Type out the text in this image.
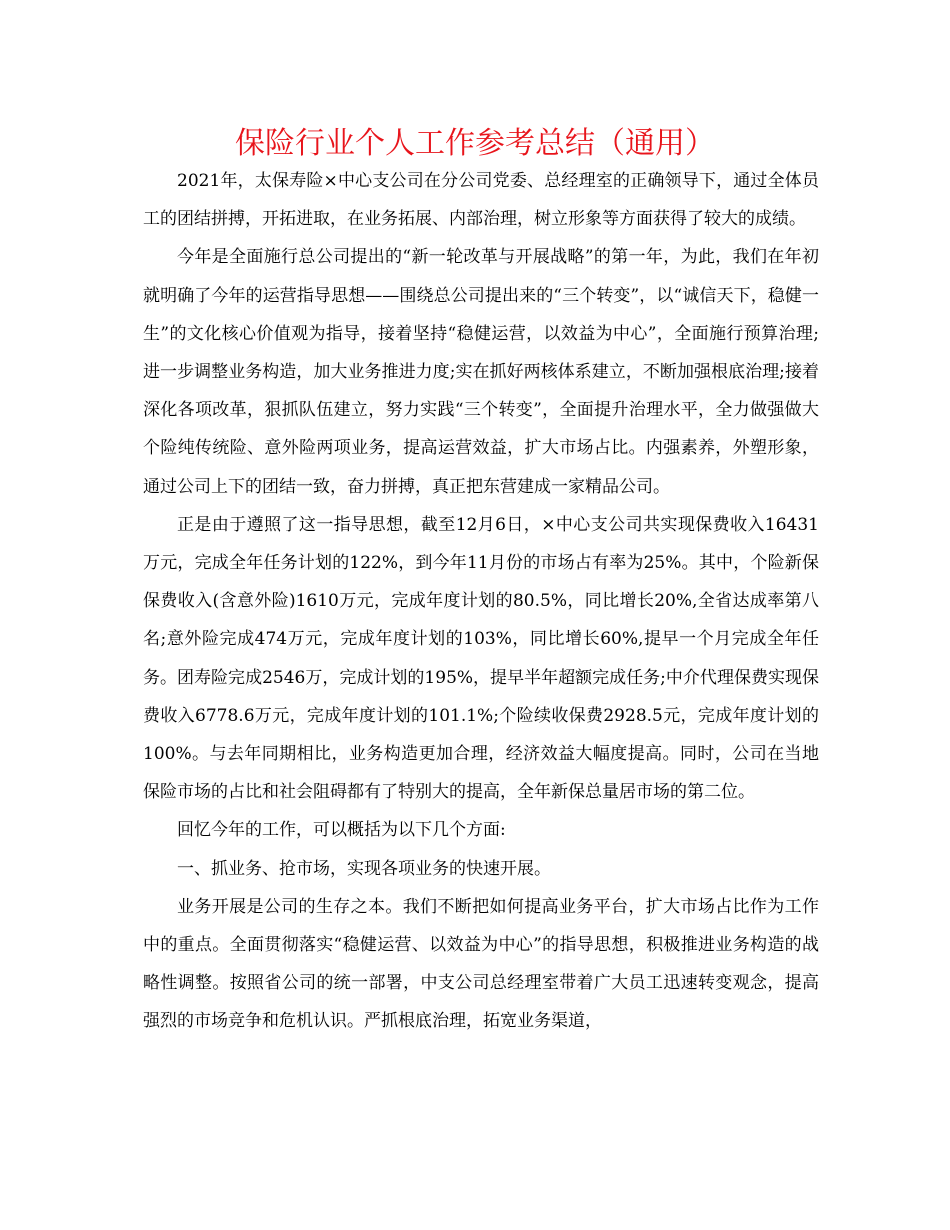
保险行业个人工作参考总结（通用）

2021年，太保寿险×中心支公司在分公司党委、总经理室的正确领导下，通过全体员工的团结拼搏，开拓进取，在业务拓展、内部治理，树立形象等方面获得了较大的成绩。

今年是全面施行总公司提出的“新一轮改革与开展战略”的第一年，为此，我们在年初就明确了今年的运营指导思想——围绕总公司提出来的“三个转变”，以“诚信天下，稳健一生”的文化核心价值观为指导，接着坚持“稳健运营，以效益为中心”，全面施行预算治理;进一步调整业务构造，加大业务推进力度;实在抓好两核体系建立，不断加强根底治理;接着深化各项改革，狠抓队伍建立，努力实践“三个转变”，全面提升治理水平，全力做强做大个险纯传统险、意外险两项业务，提高运营效益，扩大市场占比。内强素养，外塑形象，通过公司上下的团结一致，奋力拼搏，真正把东营建成一家精品公司。

正是由于遵照了这一指导思想，截至12月6日，×中心支公司共实现保费收入16431万元，完成全年任务计划的122%，到今年11月份的市场占有率为25%。其中，个险新保保费收入(含意外险)1610万元，完成年度计划的80.5%，同比增长20%,全省达成率第八名;意外险完成474万元，完成年度计划的103%，同比增长60%,提早一个月完成全年任务。团寿险完成2546万，完成计划的195%，提早半年超额完成任务;中介代理保费实现保费收入6778.6万元，完成年度计划的101.1%;个险续收保费2928.5元，完成年度计划的100%。与去年同期相比，业务构造更加合理，经济效益大幅度提高。同时，公司在当地保险市场的占比和社会阻碍都有了特别大的提高，全年新保总量居市场的第二位。

回忆今年的工作，可以概括为以下几个方面:

一、抓业务、抢市场，实现各项业务的快速开展。

业务开展是公司的生存之本。我们不断把如何提高业务平台，扩大市场占比作为工作中的重点。全面贯彻落实“稳健运营、以效益为中心”的指导思想，积极推进业务构造的战略性调整。按照省公司的统一部署，中支公司总经理室带着广大员工迅速转变观念，提高强烈的市场竞争和危机认识。严抓根底治理，拓宽业务渠道，
